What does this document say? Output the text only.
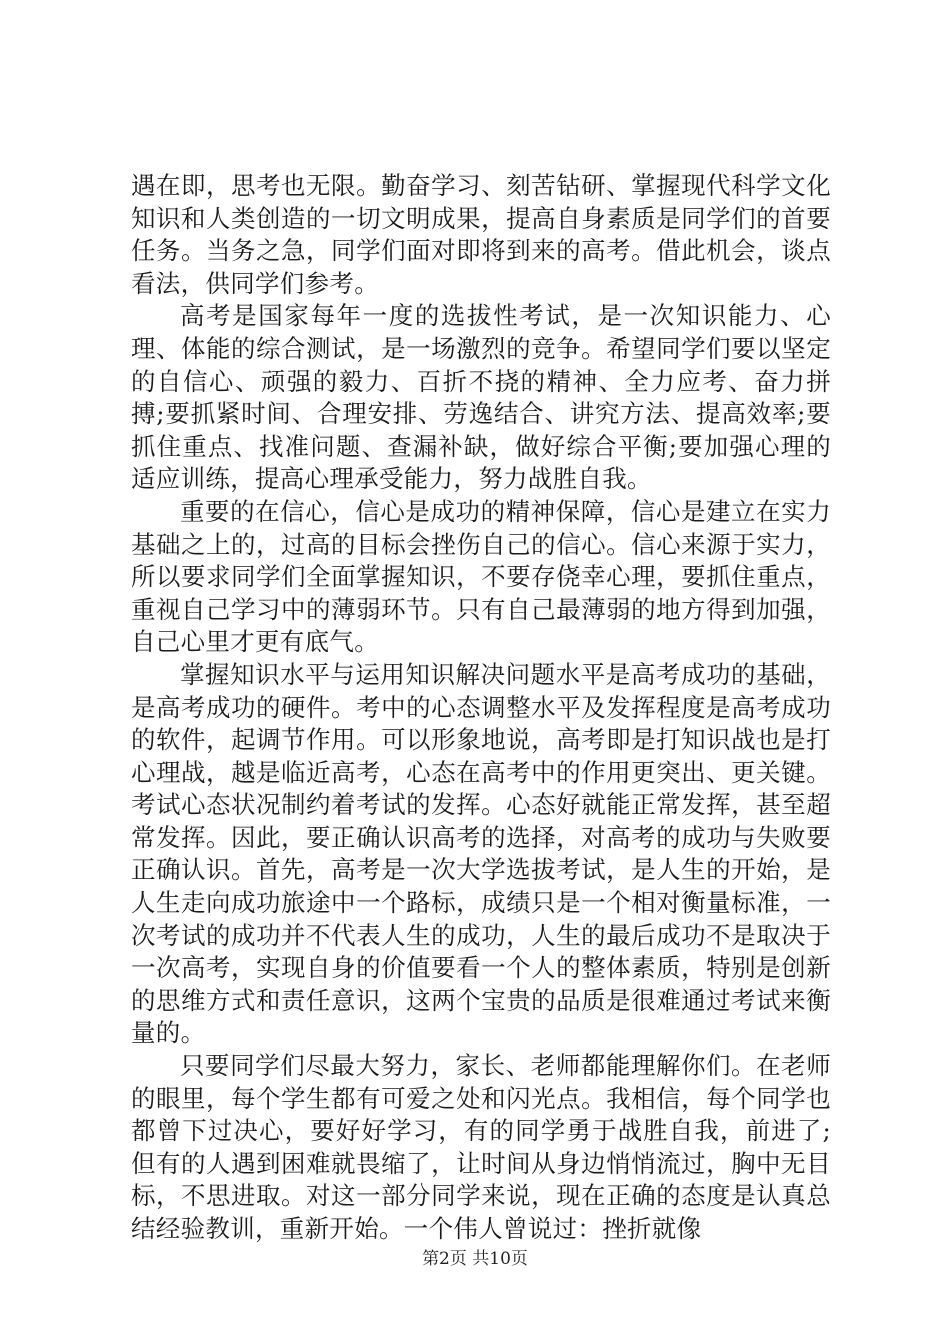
遇在即，思考也无限。勤奋学习、刻苦钻研、掌握现代科学文化知识和人类创造的一切文明成果，提高自身素质是同学们的首要任务。当务之急，同学们面对即将到来的高考。借此机会，谈点看法，供同学们参考。

高考是国家每年一度的选拔性考试，是一次知识能力、心理、体能的综合测试，是一场激烈的竞争。希望同学们要以坚定的自信心、顽强的毅力、百折不挠的精神、全力应考、奋力拼搏;要抓紧时间、合理安排、劳逸结合、讲究方法、提高效率;要抓住重点、找准问题、查漏补缺，做好综合平衡;要加强心理的适应训练，提高心理承受能力，努力战胜自我。

重要的在信心，信心是成功的精神保障，信心是建立在实力基础之上的，过高的目标会挫伤自己的信心。信心来源于实力，所以要求同学们全面掌握知识，不要存侥幸心理，要抓住重点，重视自己学习中的薄弱环节。只有自己最薄弱的地方得到加强，自己心里才更有底气。

掌握知识水平与运用知识解决问题水平是高考成功的基础，是高考成功的硬件。考中的心态调整水平及发挥程度是高考成功的软件，起调节作用。可以形象地说，高考即是打知识战也是打心理战，越是临近高考，心态在高考中的作用更突出、更关键。考试心态状况制约着考试的发挥。心态好就能正常发挥，甚至超常发挥。因此，要正确认识高考的选择，对高考的成功与失败要正确认识。首先，高考是一次大学选拔考试，是人生的开始，是人生走向成功旅途中一个路标，成绩只是一个相对衡量标准，一次考试的成功并不代表人生的成功，人生的最后成功不是取决于一次高考，实现自身的价值要看一个人的整体素质，特别是创新的思维方式和责任意识，这两个宝贵的品质是很难通过考试来衡量的。

只要同学们尽最大努力，家长、老师都能理解你们。在老师的眼里，每个学生都有可爱之处和闪光点。我相信，每个同学也都曾下过决心，要好好学习，有的同学勇于战胜自我，前进了;但有的人遇到困难就畏缩了，让时间从身边悄悄流过，胸中无目标，不思进取。对这一部分同学来说，现在正确的态度是认真总结经验教训，重新开始。一个伟人曾说过：挫折就像

第2页 共10页
